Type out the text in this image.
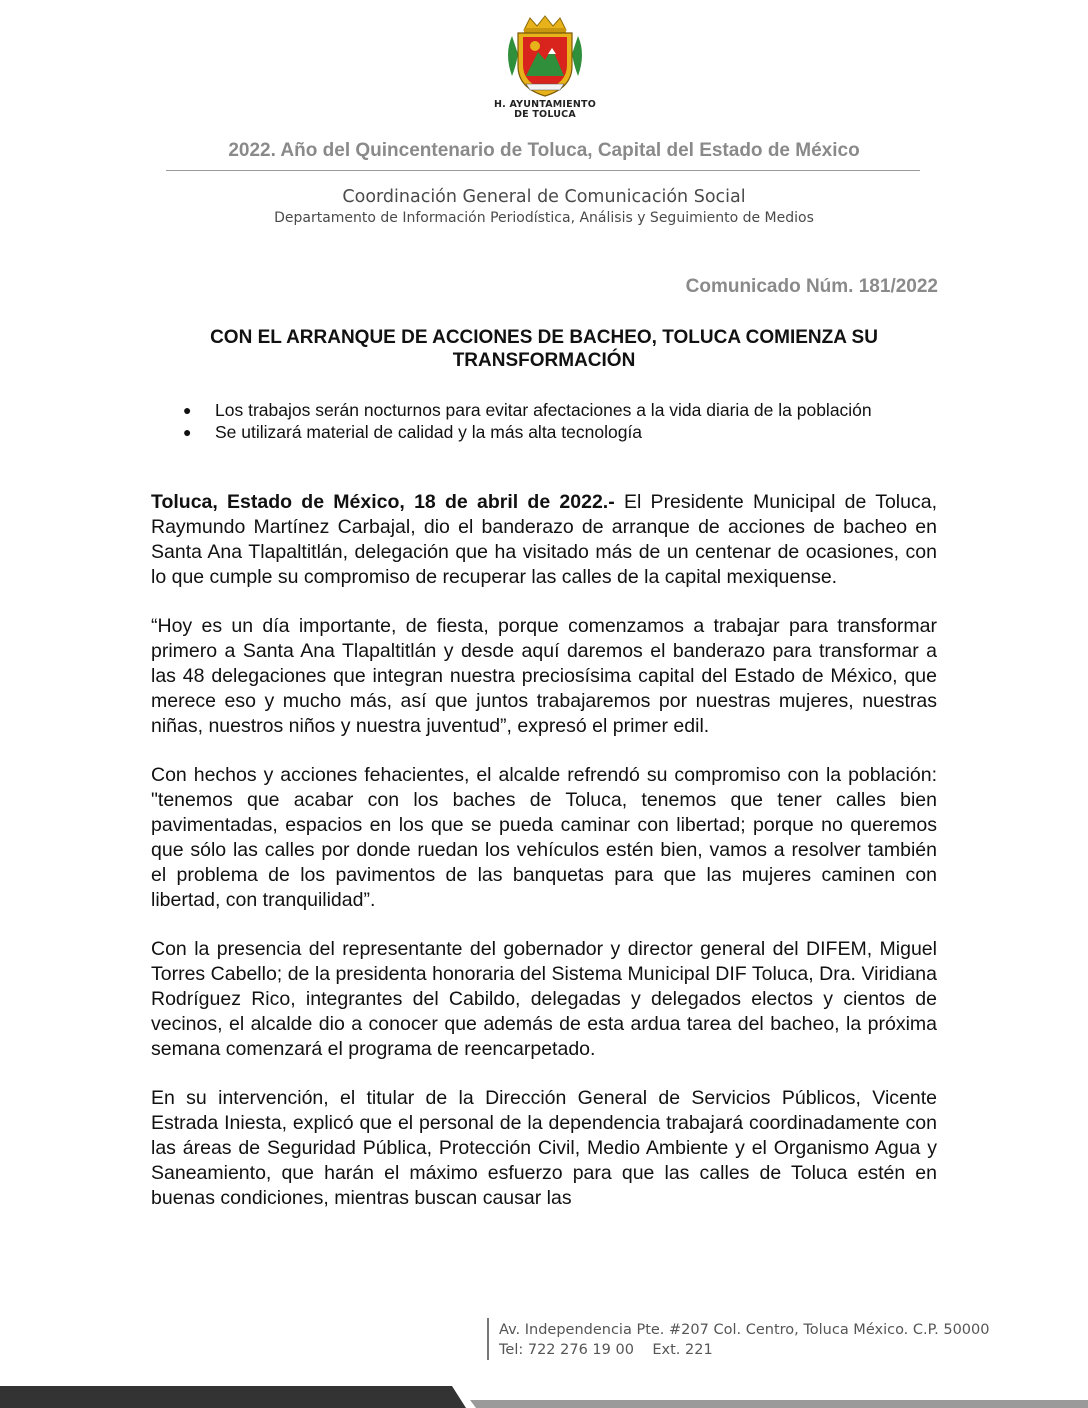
H. AYUNTAMIENTO
DE TOLUCA
2022. Año del Quincentenario de Toluca, Capital del Estado de México
Coordinación General de Comunicación Social
Departamento de Información Periodística, Análisis y Seguimiento de Medios
Comunicado Núm. 181/2022
CON EL ARRANQUE DE ACCIONES DE BACHEO, TOLUCA COMIENZA SU
TRANSFORMACIÓN
● Los trabajos serán nocturnos para evitar afectaciones a la vida diaria de la población
● Se utilizará material de calidad y la más alta tecnología

Toluca, Estado de México, 18 de abril de 2022.- El Presidente Municipal de Toluca, Raymundo Martínez Carbajal, dio el banderazo de arranque de acciones de bacheo en Santa Ana Tlapaltitlán, delegación que ha visitado más de un centenar de ocasiones, con lo que cumple su compromiso de recuperar las calles de la capital mexiquense.

“Hoy es un día importante, de fiesta, porque comenzamos a trabajar para transformar primero a Santa Ana Tlapaltitlán y desde aquí daremos el banderazo para transformar a las 48 delegaciones que integran nuestra preciosísima capital del Estado de México, que merece eso y mucho más, así que juntos trabajaremos por nuestras mujeres, nuestras niñas, nuestros niños y nuestra juventud”, expresó el primer edil.

Con hechos y acciones fehacientes, el alcalde refrendó su compromiso con la población: "tenemos que acabar con los baches de Toluca, tenemos que tener calles bien pavimentadas, espacios en los que se pueda caminar con libertad; porque no queremos que sólo las calles por donde ruedan los vehículos estén bien, vamos a resolver también el problema de los pavimentos de las banquetas para que las mujeres caminen con libertad, con tranquilidad”.

Con la presencia del representante del gobernador y director general del DIFEM, Miguel Torres Cabello; de la presidenta honoraria del Sistema Municipal DIF Toluca, Dra. Viridiana Rodríguez Rico, integrantes del Cabildo, delegadas y delegados electos y cientos de vecinos, el alcalde dio a conocer que además de esta ardua tarea del bacheo, la próxima semana comenzará el programa de reencarpetado.

En su intervención, el titular de la Dirección General de Servicios Públicos, Vicente Estrada Iniesta, explicó que el personal de la dependencia trabajará coordinadamente con las áreas de Seguridad Pública, Protección Civil, Medio Ambiente y el Organismo Agua y Saneamiento, que harán el máximo esfuerzo para que las calles de Toluca estén en buenas condiciones, mientras buscan causar las

Av. Independencia Pte. #207 Col. Centro, Toluca México. C.P. 50000
Tel: 722 276 19 00    Ext. 221
